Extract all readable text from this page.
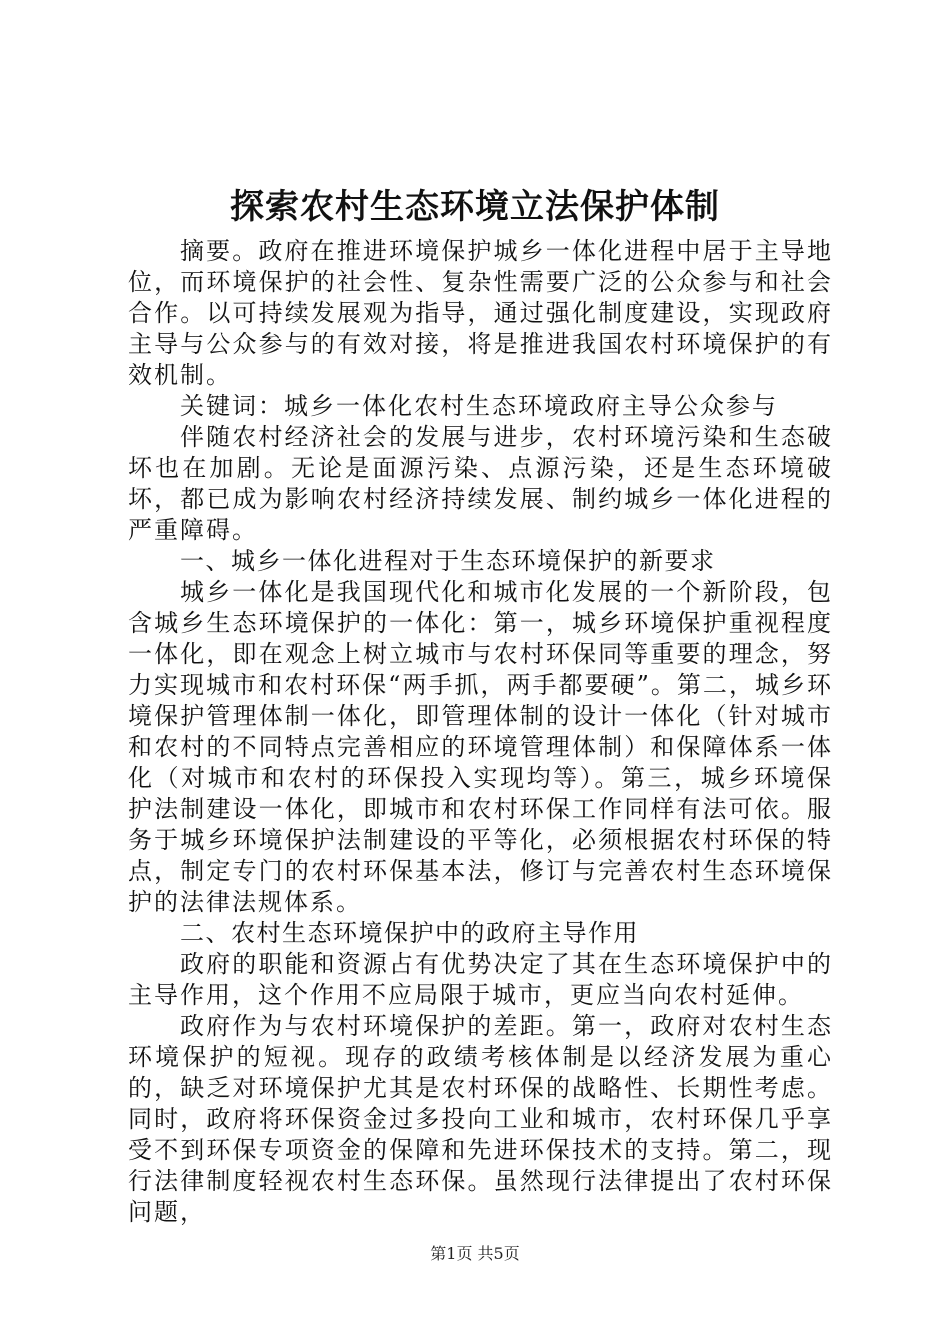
探索农村生态环境立法保护体制

摘要。政府在推进环境保护城乡一体化进程中居于主导地位，而环境保护的社会性、复杂性需要广泛的公众参与和社会合作。以可持续发展观为指导，通过强化制度建设，实现政府主导与公众参与的有效对接，将是推进我国农村环境保护的有效机制。

关键词：城乡一体化农村生态环境政府主导公众参与

伴随农村经济社会的发展与进步，农村环境污染和生态破坏也在加剧。无论是面源污染、点源污染，还是生态环境破坏，都已成为影响农村经济持续发展、制约城乡一体化进程的严重障碍。

一、城乡一体化进程对于生态环境保护的新要求

城乡一体化是我国现代化和城市化发展的一个新阶段，包含城乡生态环境保护的一体化：第一，城乡环境保护重视程度一体化，即在观念上树立城市与农村环保同等重要的理念，努力实现城市和农村环保“两手抓，两手都要硬”。第二，城乡环境保护管理体制一体化，即管理体制的设计一体化（针对城市和农村的不同特点完善相应的环境管理体制）和保障体系一体化（对城市和农村的环保投入实现均等）。第三，城乡环境保护法制建设一体化，即城市和农村环保工作同样有法可依。服务于城乡环境保护法制建设的平等化，必须根据农村环保的特点，制定专门的农村环保基本法，修订与完善农村生态环境保护的法律法规体系。

二、农村生态环境保护中的政府主导作用

政府的职能和资源占有优势决定了其在生态环境保护中的主导作用，这个作用不应局限于城市，更应当向农村延伸。

政府作为与农村环境保护的差距。第一，政府对农村生态环境保护的短视。现存的政绩考核体制是以经济发展为重心的，缺乏对环境保护尤其是农村环保的战略性、长期性考虑。同时，政府将环保资金过多投向工业和城市，农村环保几乎享受不到环保专项资金的保障和先进环保技术的支持。第二，现行法律制度轻视农村生态环保。虽然现行法律提出了农村环保问题，

第1页 共5页
